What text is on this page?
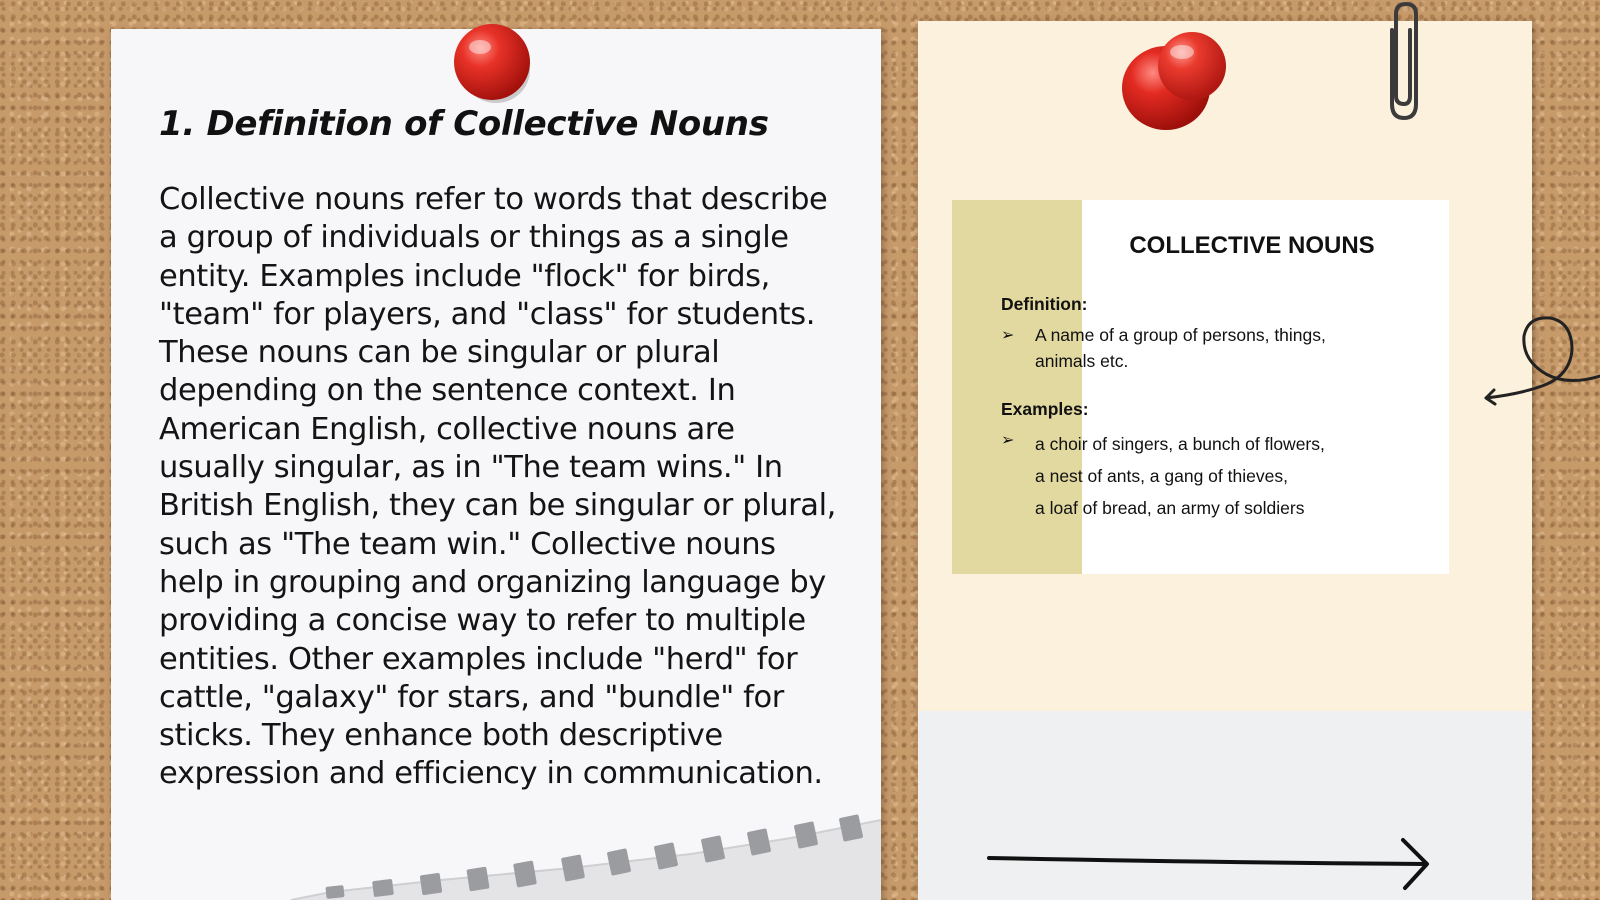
1. Definition of Collective Nouns
Collective nouns refer to words that describe
a group of individuals or things as a single
entity. Examples include "flock" for birds,
"team" for players, and "class" for students.
These nouns can be singular or plural
depending on the sentence context. In
American English, collective nouns are
usually singular, as in "The team wins." In
British English, they can be singular or plural,
such as "The team win." Collective nouns
help in grouping and organizing language by
providing a concise way to refer to multiple
entities. Other examples include "herd" for
cattle, "galaxy" for stars, and "bundle" for
sticks. They enhance both descriptive
expression and efficiency in communication.
COLLECTIVE NOUNS
Definition:
➢ A name of a group of persons, things,
animals etc.
Examples:
➢ a choir of singers, a bunch of flowers,
a nest of ants, a gang of thieves,
a loaf of bread, an army of soldiers
